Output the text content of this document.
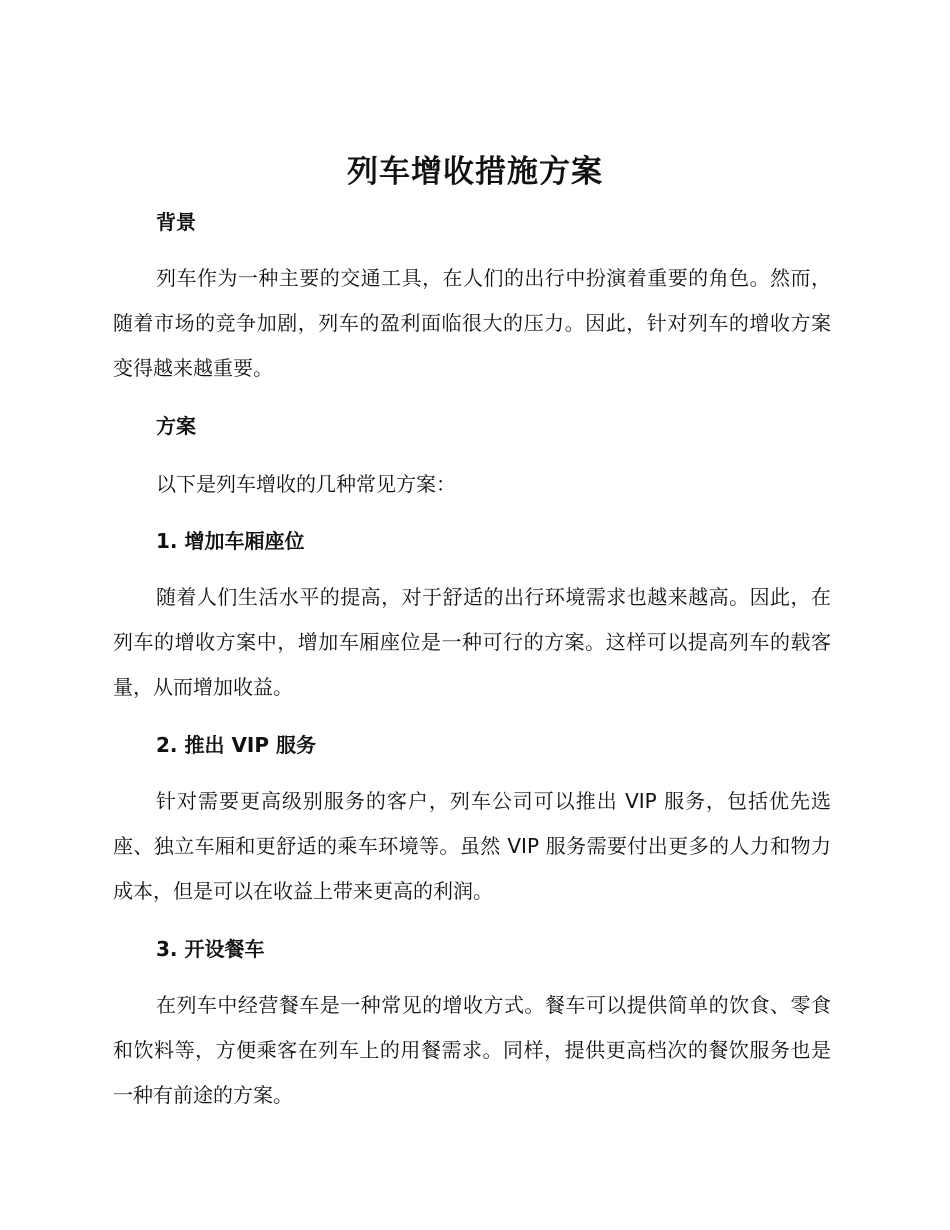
列车增收措施方案
背景

列车作为一种主要的交通工具，在人们的出行中扮演着重要的角色。然而，随着市场的竞争加剧，列车的盈利面临很大的压力。因此，针对列车的增收方案变得越来越重要。

方案

以下是列车增收的几种常见方案：

1. 增加车厢座位

随着人们生活水平的提高，对于舒适的出行环境需求也越来越高。因此，在列车的增收方案中，增加车厢座位是一种可行的方案。这样可以提高列车的载客量，从而增加收益。

2. 推出 VIP 服务

针对需要更高级别服务的客户，列车公司可以推出 VIP 服务，包括优先选座、独立车厢和更舒适的乘车环境等。虽然 VIP 服务需要付出更多的人力和物力成本，但是可以在收益上带来更高的利润。

3. 开设餐车

在列车中经营餐车是一种常见的增收方式。餐车可以提供简单的饮食、零食和饮料等，方便乘客在列车上的用餐需求。同样，提供更高档次的餐饮服务也是一种有前途的方案。
